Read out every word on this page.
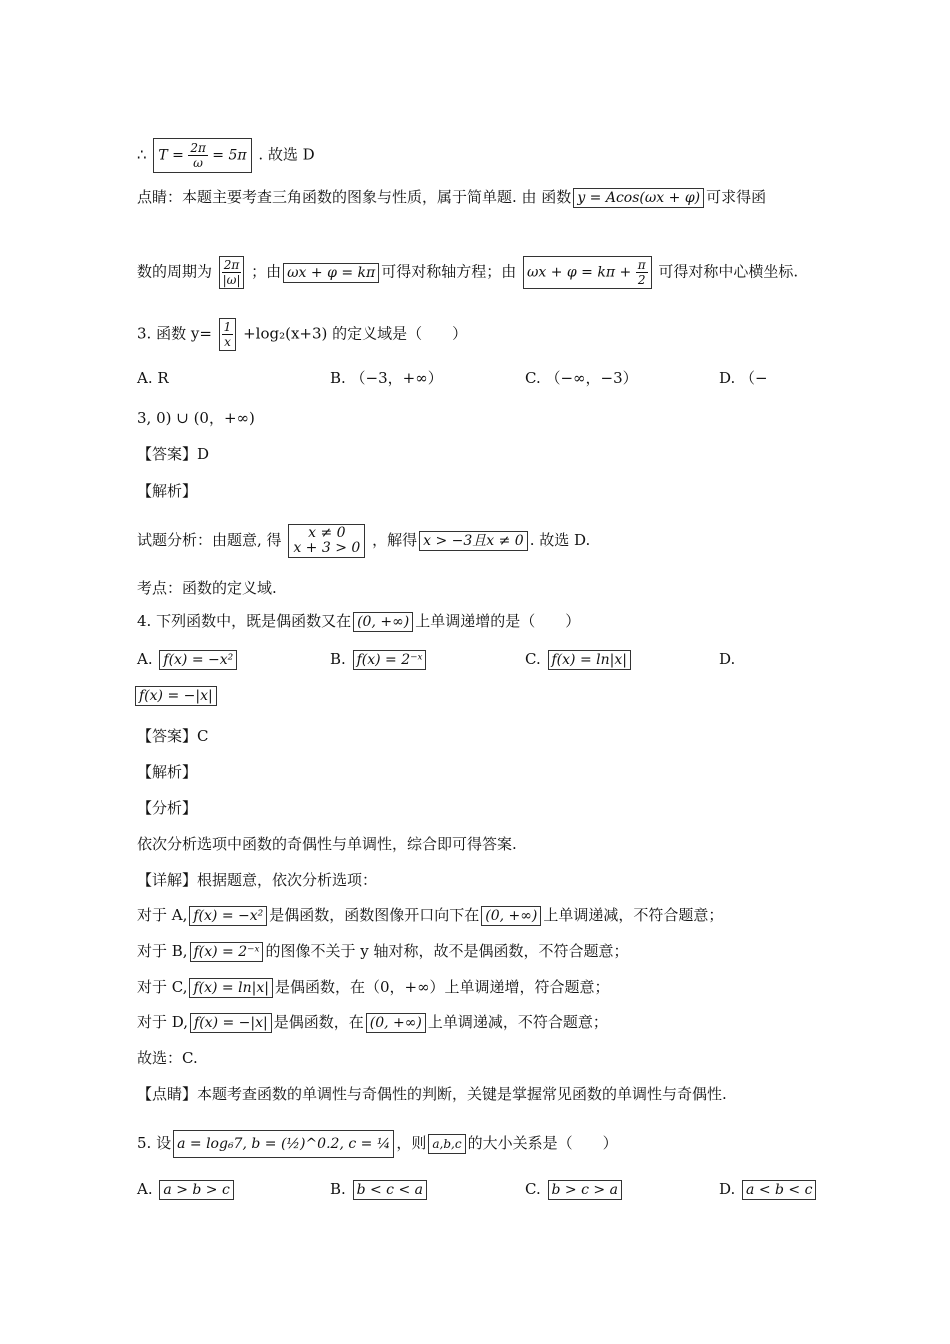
∴ $T = \frac{2\pi}{\omega} = 5\pi$ . 故选 D
点睛：本题主要考查三角函数的图象与性质，属于简单题. 由 函数 y = Acos(ωx + φ) 可求得函
数的周期为 $\frac{2\pi}{|\omega|}$ ；由 ωx + φ = kπ 可得对称轴方程；由 $\omega x + \varphi = k\pi + \frac{\pi}{2}$ 可得对称中心横坐标.
3. 函数 $y= \frac{1}{x} +\log_2(x+3)$ 的定义域是（　　）
A. R	B. （−3，+∞）	C. （−∞，−3）	D. （−
3, 0) ∪ (0，+∞)
【答案】D
【解析】
试题分析：由题意, 得 x ≠ 0
x + 3 > 0 ，解得 x > −3且x ≠ 0 . 故选 D.
考点：函数的定义域.
4. 下列函数中，既是偶函数又在 (0, +∞) 上单调递增的是（　　）
A. f(x) = −x²	B. f(x) = 2⁻ˣ	C. f(x) = ln|x|	D.
f(x) = −|x|
【答案】C
【解析】
【分析】
依次分析选项中函数的奇偶性与单调性，综合即可得答案.
【详解】根据题意，依次分析选项：
对于 A, f(x) = −x² 是偶函数，函数图像开口向下在 (0, +∞) 上单调递减，不符合题意；
对于 B, f(x) = 2⁻ˣ 的图像不关于 y 轴对称，故不是偶函数，不符合题意；
对于 C, f(x) = ln|x| 是偶函数，在（0，+∞）上单调递增，符合题意；
对于 D, f(x) = −|x| 是偶函数，在 (0, +∞) 上单调递减，不符合题意；
故选：C.
【点睛】本题考查函数的单调性与奇偶性的判断，关键是掌握常见函数的单调性与奇偶性.
5. 设 a = log₆7, b = (½)^0.2, c = ¼ ，则 a,b,c 的大小关系是（　　）
A. a > b > c	B. b < c < a	C. b > c > a	D. a < b < c
